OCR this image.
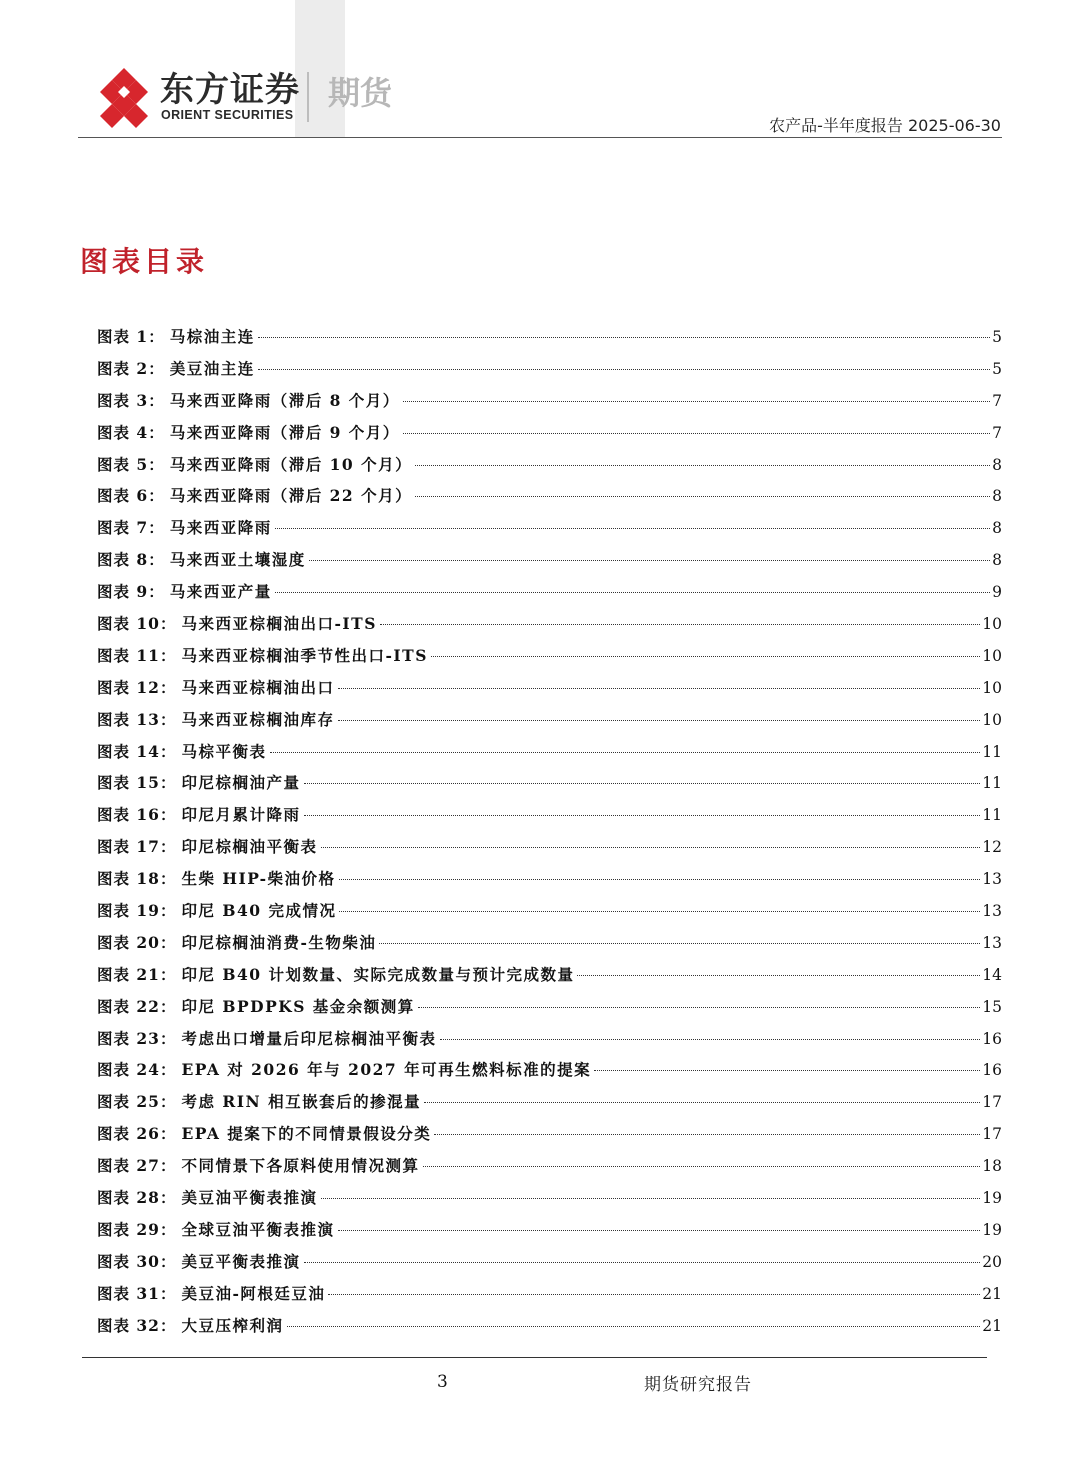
东方证券
ORIENT SECURITIES
期货
农产品-半年度报告 2025-06-30
图表目录
图表 1 ： 马棕油主连	5
图表 2 ： 美豆油主连	5
图表 3 ： 马来西亚降雨（滞后 8 个月）	7
图表 4 ： 马来西亚降雨（滞后 9 个月）	7
图表 5 ： 马来西亚降雨（滞后 10 个月）	8
图表 6 ： 马来西亚降雨（滞后 22 个月）	8
图表 7 ： 马来西亚降雨	8
图表 8 ： 马来西亚土壤湿度	8
图表 9 ： 马来西亚产量	9
图表 10 ： 马来西亚棕榈油出口-ITS	10
图表 11 ： 马来西亚棕榈油季节性出口-ITS	10
图表 12 ： 马来西亚棕榈油出口	10
图表 13 ： 马来西亚棕榈油库存	10
图表 14 ： 马棕平衡表	11
图表 15 ： 印尼棕榈油产量	11
图表 16 ： 印尼月累计降雨	11
图表 17 ： 印尼棕榈油平衡表	12
图表 18 ： 生柴 HIP-柴油价格	13
图表 19 ： 印尼 B40 完成情况	13
图表 20 ： 印尼棕榈油消费-生物柴油	13
图表 21 ： 印尼 B40 计划数量、实际完成数量与预计完成数量	14
图表 22 ： 印尼 BPDPKS 基金余额测算	15
图表 23 ： 考虑出口增量后印尼棕榈油平衡表	16
图表 24 ： EPA 对 2026 年与 2027 年可再生燃料标准的提案	16
图表 25 ： 考虑 RIN 相互嵌套后的掺混量	17
图表 26 ： EPA 提案下的不同情景假设分类	17
图表 27 ： 不同情景下各原料使用情况测算	18
图表 28 ： 美豆油平衡表推演	19
图表 29 ： 全球豆油平衡表推演	19
图表 30 ： 美豆平衡表推演	20
图表 31 ： 美豆油-阿根廷豆油	21
图表 32 ： 大豆压榨利润	21
3	期货研究报告
